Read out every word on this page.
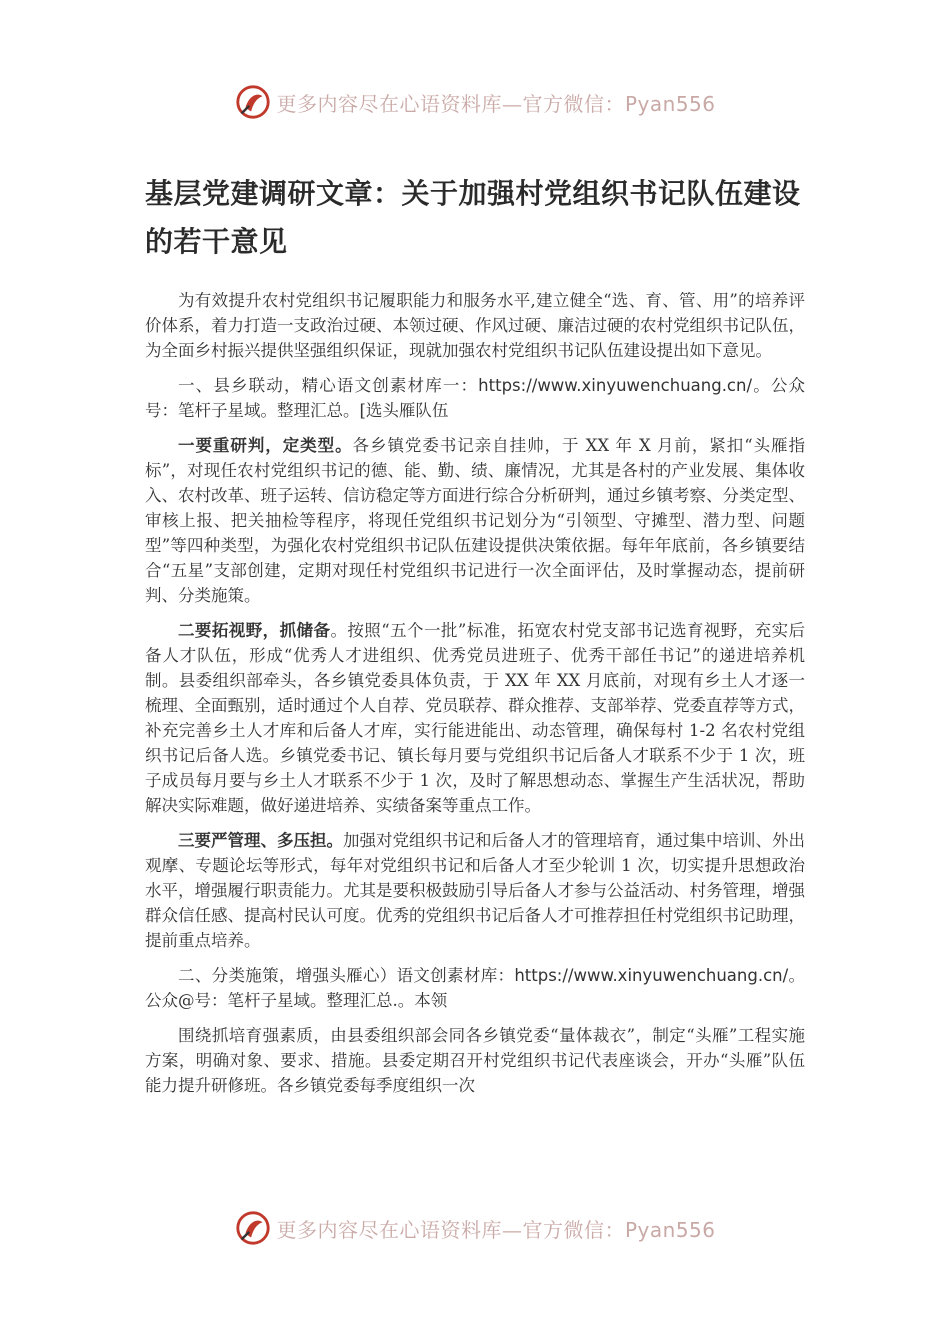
更多内容尽在心语资料库—官方微信：Pyan556
基层党建调研文章：关于加强村党组织书记队伍建设的若干意见

为有效提升农村党组织书记履职能力和服务水平,建立健全“选、育、管、用”的培养评价体系，着力打造一支政治过硬、本领过硬、作风过硬、廉洁过硬的农村党组织书记队伍，为全面乡村振兴提供坚强组织保证，现就加强农村党组织书记队伍建设提出如下意见。

一、县乡联动，精心语文创素材库一：https://www.xinyuwenchuang.cn/。公众号：笔杆子星域。整理汇总。[选头雁队伍

一要重研判，定类型。各乡镇党委书记亲自挂帅，于 XX 年 X 月前，紧扣“头雁指标”，对现任农村党组织书记的德、能、勤、绩、廉情况，尤其是各村的产业发展、集体收入、农村改革、班子运转、信访稳定等方面进行综合分析研判，通过乡镇考察、分类定型、审核上报、把关抽检等程序，将现任党组织书记划分为“引领型、守摊型、潜力型、问题型”等四种类型，为强化农村党组织书记队伍建设提供决策依据。每年年底前，各乡镇要结合“五星”支部创建，定期对现任村党组织书记进行一次全面评估，及时掌握动态，提前研判、分类施策。

二要拓视野，抓储备。按照“五个一批”标准，拓宽农村党支部书记选育视野，充实后备人才队伍，形成“优秀人才进组织、优秀党员进班子、优秀干部任书记”的递进培养机制。县委组织部牵头，各乡镇党委具体负责，于 XX 年 XX 月底前，对现有乡土人才逐一梳理、全面甄别，适时通过个人自荐、党员联荐、群众推荐、支部举荐、党委直荐等方式，补充完善乡土人才库和后备人才库，实行能进能出、动态管理，确保每村 1-2 名农村党组织书记后备人选。乡镇党委书记、镇长每月要与党组织书记后备人才联系不少于 1 次，班子成员每月要与乡土人才联系不少于 1 次，及时了解思想动态、掌握生产生活状况，帮助解决实际难题，做好递进培养、实绩备案等重点工作。

三要严管理、多压担。加强对党组织书记和后备人才的管理培育，通过集中培训、外出观摩、专题论坛等形式，每年对党组织书记和后备人才至少轮训 1 次，切实提升思想政治水平，增强履行职责能力。尤其是要积极鼓励引导后备人才参与公益活动、村务管理，增强群众信任感、提高村民认可度。优秀的党组织书记后备人才可推荐担任村党组织书记助理，提前重点培养。

二、分类施策，增强头雁心）语文创素材库：https://www.xinyuwenchuang.cn/。公众@号：笔杆子星域。整理汇总.。本领

围绕抓培育强素质，由县委组织部会同各乡镇党委“量体裁衣”，制定“头雁”工程实施方案，明确对象、要求、措施。县委定期召开村党组织书记代表座谈会，开办“头雁”队伍能力提升研修班。各乡镇党委每季度组织一次

更多内容尽在心语资料库—官方微信：Pyan556
